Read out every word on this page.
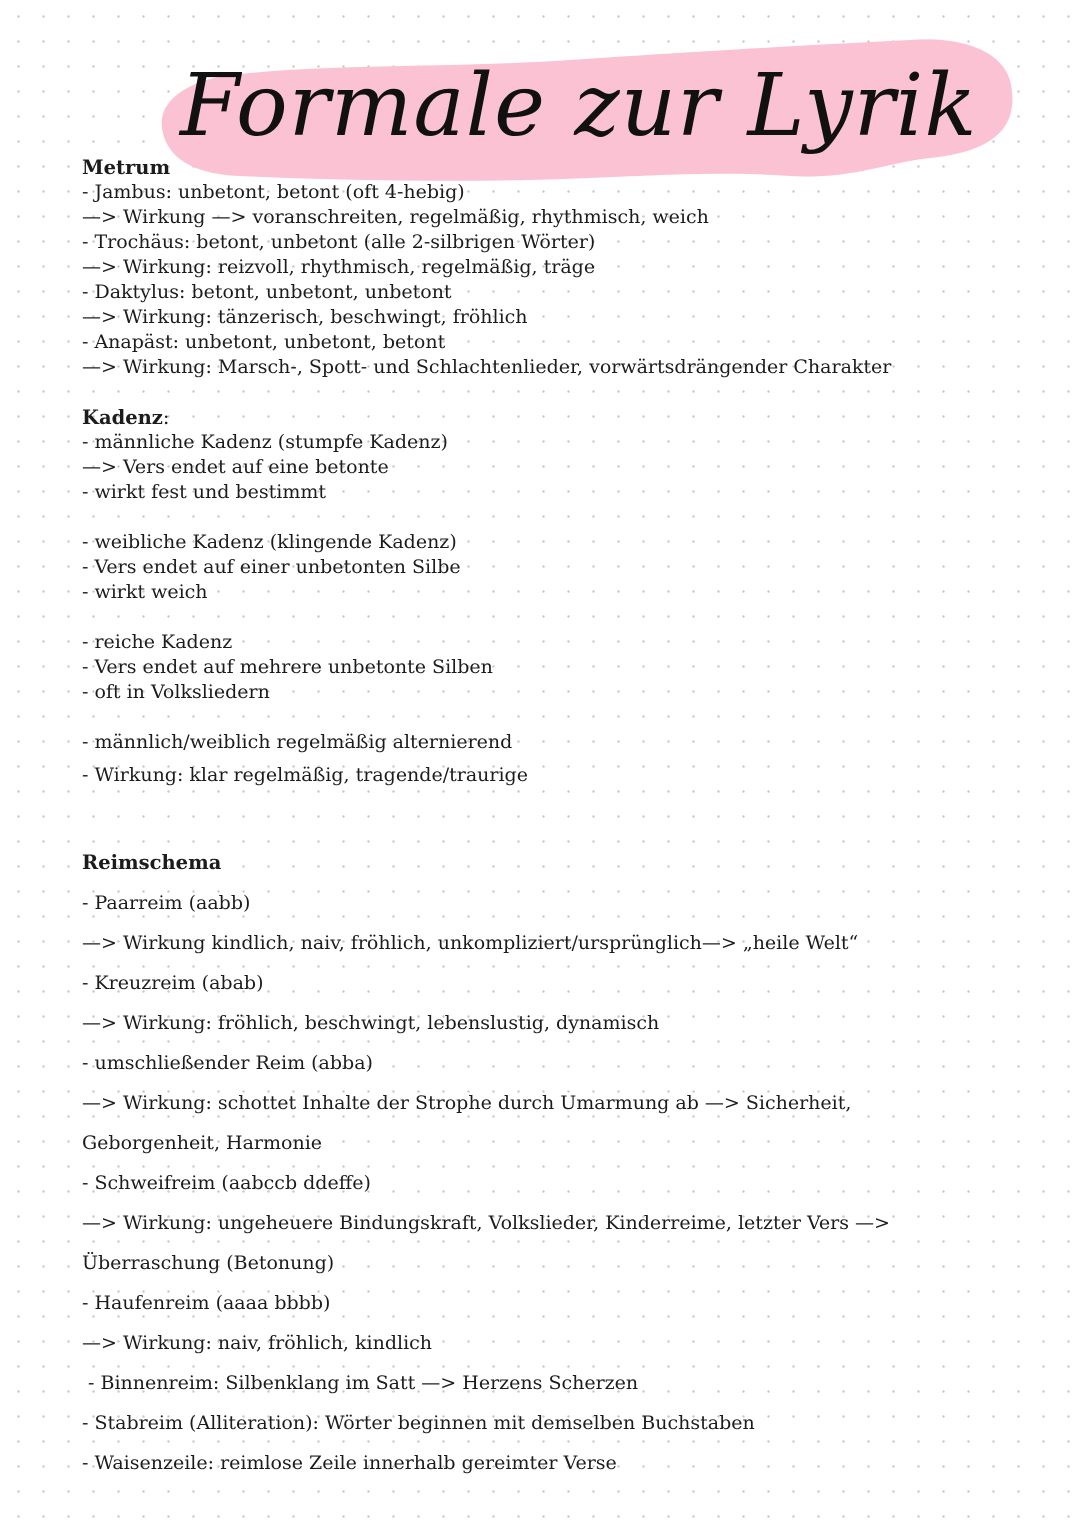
Formale zur Lyrik
Metrum
- Jambus: unbetont, betont (oft 4-hebig)
—> Wirkung —> voranschreiten, regelmäßig, rhythmisch, weich
- Trochäus: betont, unbetont (alle 2-silbrigen Wörter)
—> Wirkung: reizvoll, rhythmisch, regelmäßig, träge
- Daktylus: betont, unbetont, unbetont
—> Wirkung: tänzerisch, beschwingt, fröhlich
- Anapäst: unbetont, unbetont, betont
—> Wirkung: Marsch-, Spott- und Schlachtenlieder, vorwärtsdrängender Charakter
Kadenz:
- männliche Kadenz (stumpfe Kadenz)
—> Vers endet auf eine betonte
- wirkt fest und bestimmt
- weibliche Kadenz (klingende Kadenz)
- Vers endet auf einer unbetonten Silbe
- wirkt weich
- reiche Kadenz
- Vers endet auf mehrere unbetonte Silben
- oft in Volksliedern
- männlich/weiblich regelmäßig alternierend
- Wirkung: klar regelmäßig, tragende/traurige
Reimschema
- Paarreim (aabb)
—> Wirkung kindlich, naiv, fröhlich, unkompliziert/ursprünglich—> „heile Welt“
- Kreuzreim (abab)
—> Wirkung: fröhlich, beschwingt, lebenslustig, dynamisch
- umschließender Reim (abba)
—> Wirkung: schottet Inhalte der Strophe durch Umarmung ab —> Sicherheit,
Geborgenheit, Harmonie
- Schweifreim (aabccb ddeffe)
—> Wirkung: ungeheuere Bindungskraft, Volkslieder, Kinderreime, letzter Vers —>
Überraschung (Betonung)
- Haufenreim (aaaa bbbb)
—> Wirkung: naiv, fröhlich, kindlich
- Binnenreim: Silbenklang im Satt —> Herzens Scherzen
- Stabreim (Alliteration): Wörter beginnen mit demselben Buchstaben
- Waisenzeile: reimlose Zeile innerhalb gereimter Verse
